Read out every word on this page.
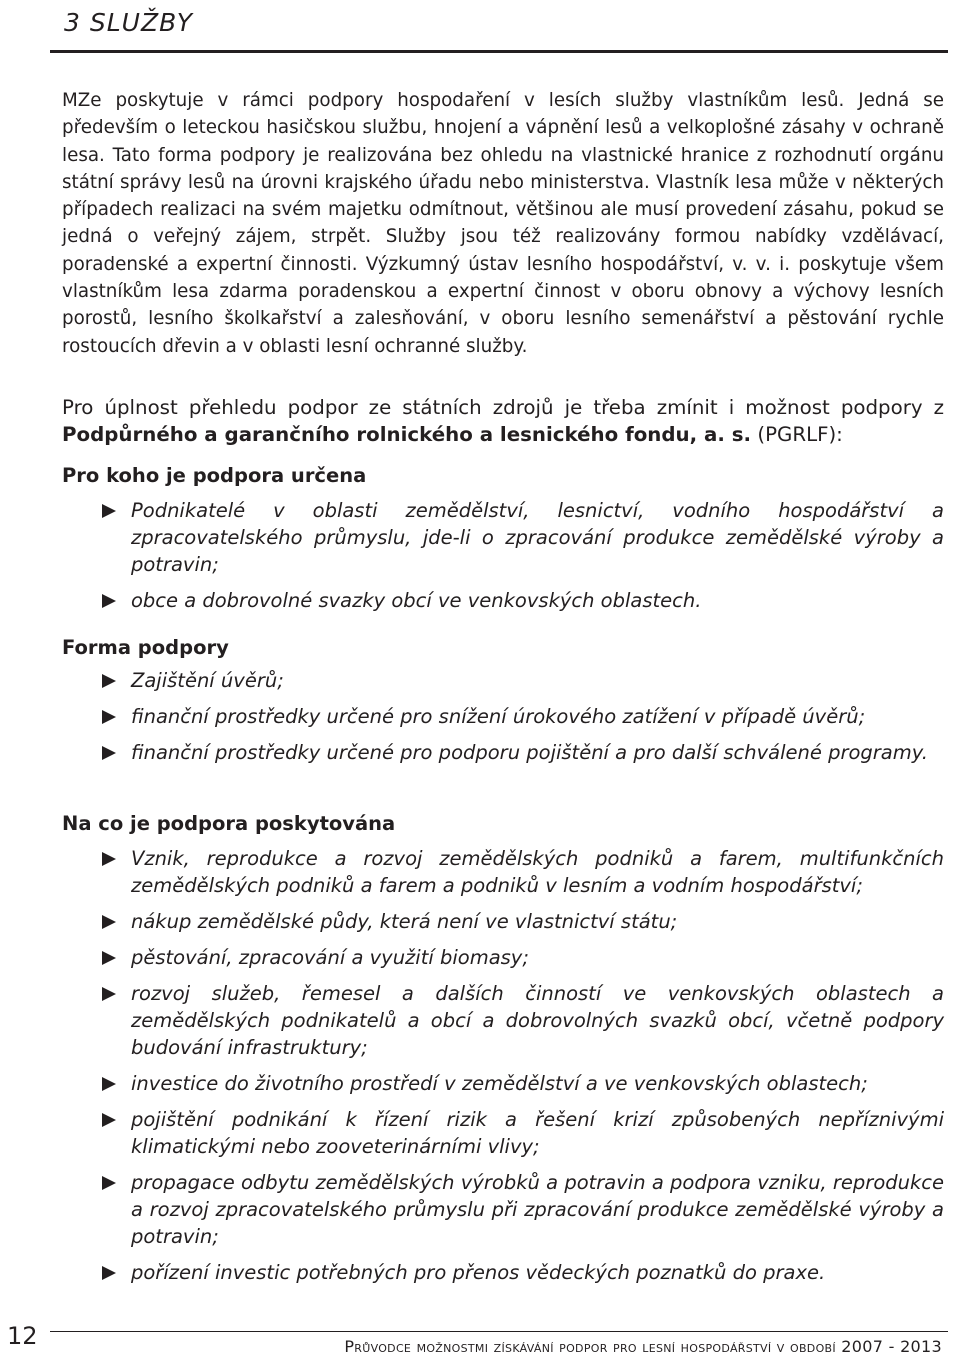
3 SLUŽBY

MZe poskytuje v rámci podpory hospodaření v lesích služby vlastníkům lesů. Jedná se především o leteckou hasičskou službu, hnojení a vápnění lesů a velkoplošné zásahy v ochraně lesa. Tato forma podpory je realizována bez ohledu na vlastnické hranice z rozhodnutí orgánu státní správy lesů na úrovni krajského úřadu nebo ministerstva. Vlastník lesa může v některých případech realizaci na svém majetku odmítnout, většinou ale musí provedení zásahu, pokud se jedná o veřejný zájem, strpět. Služby jsou též realizovány formou nabídky vzdělávací, poradenské a expertní činnosti. Výzkumný ústav lesního hospodářství, v. v. i. poskytuje všem vlastníkům lesa zdarma poradenskou a expertní činnost v oboru obnovy a výchovy lesních porostů, lesního školkařství a zalesňování, v oboru lesního semenářství a pěstování rychle rostoucích dřevin a v oblasti lesní ochranné služby.

Pro úplnost přehledu podpor ze státních zdrojů je třeba zmínit i možnost podpory z Podpůrného a garančního rolnického a lesnického fondu, a. s. (PGRLF):

Pro koho je podpora určena
Podnikatelé v oblasti zemědělství, lesnictví, vodního hospodářství a zpracovatelského průmyslu, jde-li o zpracování produkce zemědělské výroby a potravin;
obce a dobrovolné svazky obcí ve venkovských oblastech.
Forma podpory
Zajištění úvěrů;
finanční prostředky určené pro snížení úrokového zatížení v případě úvěrů;
finanční prostředky určené pro podporu pojištění a pro další schválené programy.
Na co je podpora poskytována
Vznik, reprodukce a rozvoj zemědělských podniků a farem, multifunkčních zemědělských podniků a farem a podniků v lesním a vodním hospodářství;
nákup zemědělské půdy, která není ve vlastnictví státu;
pěstování, zpracování a využití biomasy;
rozvoj služeb, řemesel a dalších činností ve venkovských oblastech a zemědělských podnikatelů a obcí a dobrovolných svazků obcí, včetně podpory budování infrastruktury;
investice do životního prostředí v zemědělství a ve venkovských oblastech;
pojištění podnikání k řízení rizik a řešení krizí způsobených nepříznivými klimatickými nebo zooveterinárními vlivy;
propagace odbytu zemědělských výrobků a potravin a podpora vzniku, reprodukce a rozvoj zpracovatelského průmyslu při zpracování produkce zemědělské výroby a potravin;
pořízení investic potřebných pro přenos vědeckých poznatků do praxe.
12	Průvodce možnostmi získávání podpor pro lesní hospodářství v období 2007 - 2013
